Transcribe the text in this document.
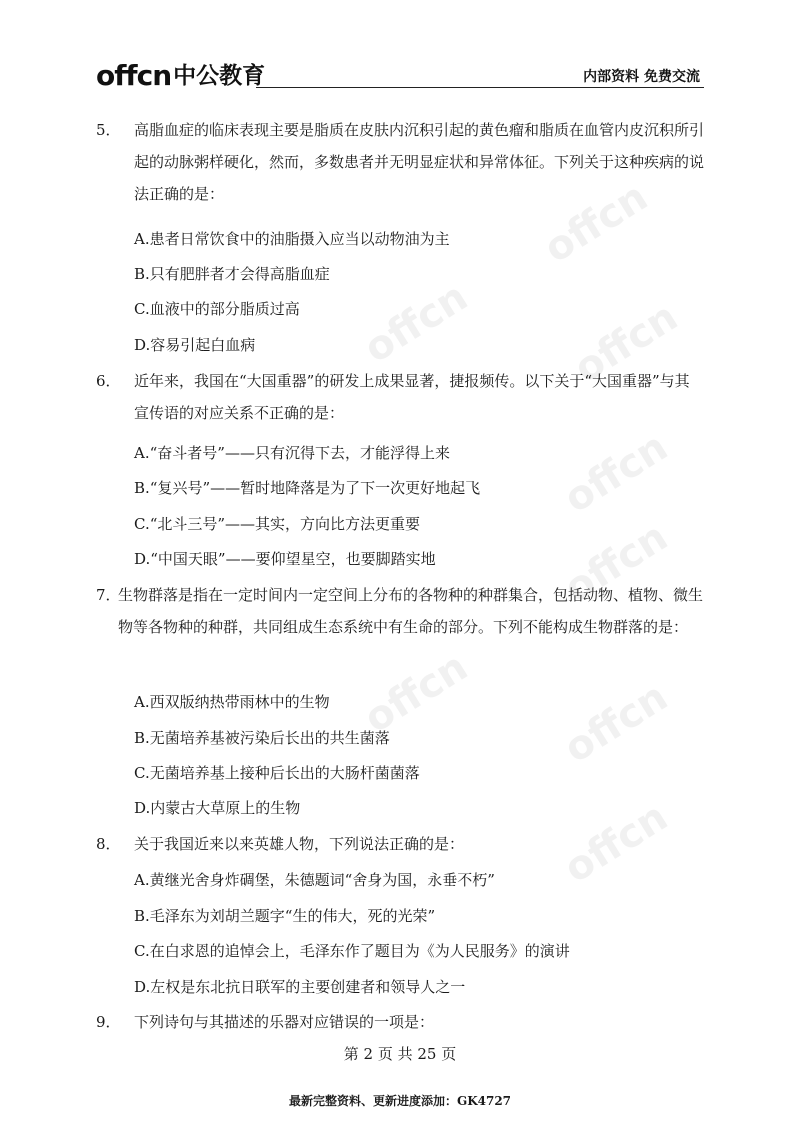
offcn
offcn offcn
offcn
offcn
offcn offcn
offcn
offcn 中公教育	内部资料 免费交流
5． 高脂血症的临床表现主要是脂质在皮肤内沉积引起的黄色瘤和脂质在血管内皮沉积所引起的动脉粥样硬化，然而，多数患者并无明显症状和异常体征。下列关于这种疾病的说法正确的是：
A.患者日常饮食中的油脂摄入应当以动物油为主
B.只有肥胖者才会得高脂血症
C.血液中的部分脂质过高
D.容易引起白血病
6． 近年来，我国在“大国重器”的研发上成果显著，捷报频传。以下关于“大国重器”与其宣传语的对应关系不正确的是：
A.“奋斗者号”——只有沉得下去，才能浮得上来
B.“复兴号”——暂时地降落是为了下一次更好地起飞
C.“北斗三号”——其实，方向比方法更重要
D.“中国天眼”——要仰望星空，也要脚踏实地
7．
生物群落是指在一定时间内一定空间上分布的各物种的种群集合，包括动物、植物、微生物等各物种的种群，共同组成生态系统中有生命的部分。下列不能构成生物群落的是：
A.西双版纳热带雨林中的生物
B.无菌培养基被污染后长出的共生菌落
C.无菌培养基上接种后长出的大肠杆菌菌落
D.内蒙古大草原上的生物
8． 关于我国近来以来英雄人物，下列说法正确的是：
A.黄继光舍身炸碉堡，朱德题词“舍身为国，永垂不朽”
B.毛泽东为刘胡兰题字“生的伟大，死的光荣”
C.在白求恩的追悼会上，毛泽东作了题目为《为人民服务》的演讲
D.左权是东北抗日联军的主要创建者和领导人之一
9． 下列诗句与其描述的乐器对应错误的一项是：
第 2 页 共 25 页
最新完整资料、更新进度添加：GK4727
